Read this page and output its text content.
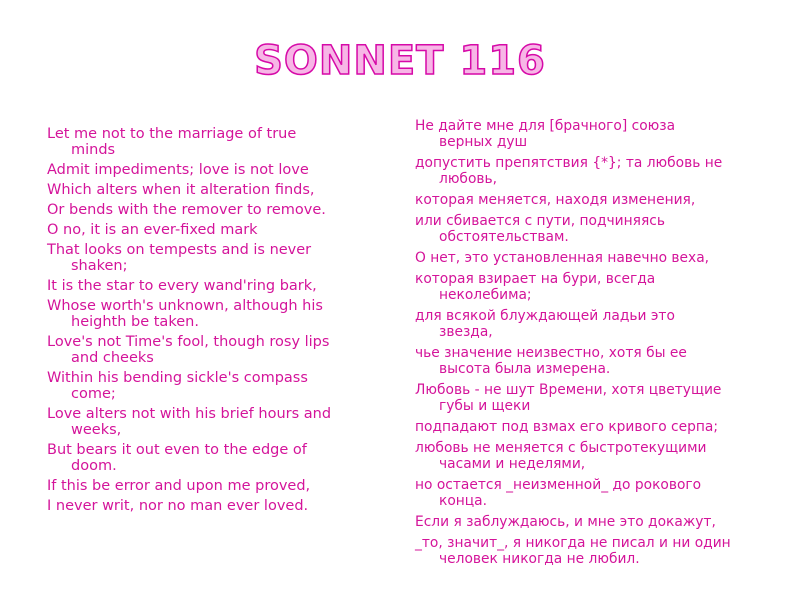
SONNET 116
Let me not to the marriage of true
minds
Admit impediments; love is not love
Which alters when it alteration finds,
Or bends with the remover to remove.
O no, it is an ever-fixed mark
That looks on tempests and is never
shaken;
It is the star to every wand'ring bark,
Whose worth's unknown, although his
heighth be taken.
Love's not Time's fool, though rosy lips
and cheeks
Within his bending sickle's compass
come;
Love alters not with his brief hours and
weeks,
But bears it out even to the edge of
doom.
If this be error and upon me proved,
I never writ, nor no man ever loved.
Не дайте мне для [брачного] союза
верных душ
допустить препятствия {*}; та любовь не
любовь,
которая меняется, находя изменения,
или сбивается с пути, подчиняясь
обстоятельствам.
О нет, это установленная навечно веха,
которая взирает на бури, всегда
неколебима;
для всякой блуждающей ладьи это
звезда,
чье значение неизвестно, хотя бы ее
высота была измерена.
Любовь - не шут Времени, хотя цветущие
губы и щеки
подпадают под взмах его кривого серпа;
любовь не меняется с быстротекущими
часами и неделями,
но остается _неизменной_ до рокового
конца.
Если я заблуждаюсь, и мне это докажут,
_то, значит_, я никогда не писал и ни один
человек никогда не любил.
